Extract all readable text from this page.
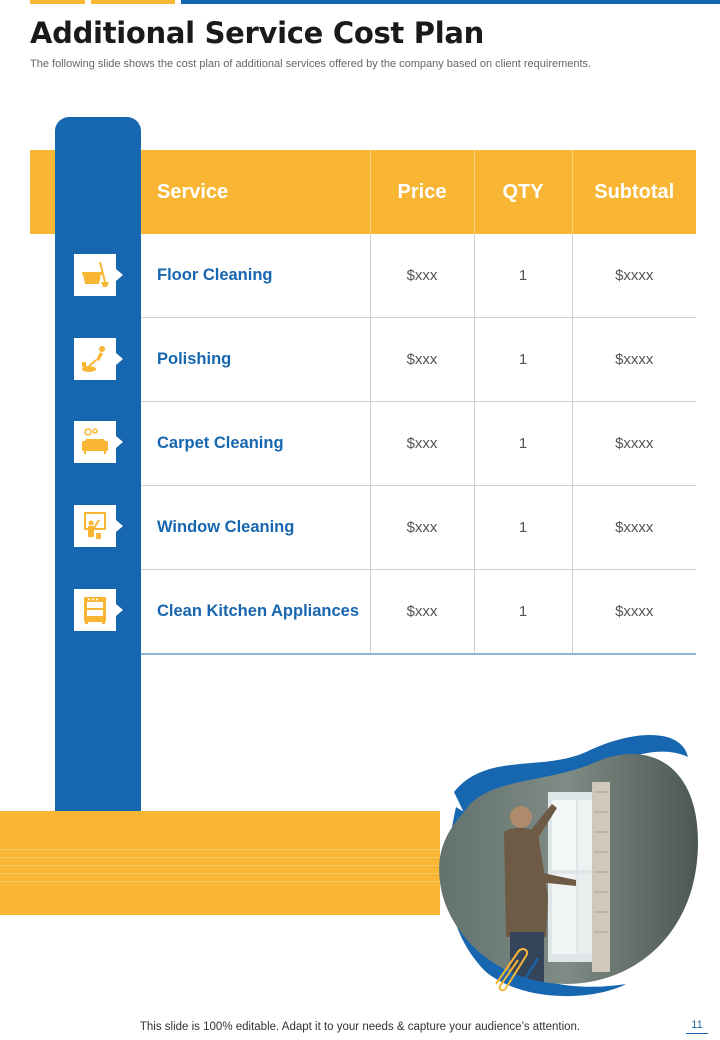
Additional Service Cost Plan

The following slide shows the cost plan of additional services offered by the company based on client requirements.

Service	Price	QTY	Subtotal
Floor Cleaning	$xxx	1	$xxxx
Polishing	$xxx	1	$xxxx
Carpet Cleaning	$xxx	1	$xxxx
Window Cleaning	$xxx	1	$xxxx
Clean Kitchen Appliances	$xxx	1	$xxxx
This slide is 100% editable. Adapt it to your needs & capture your audience’s attention.	11
